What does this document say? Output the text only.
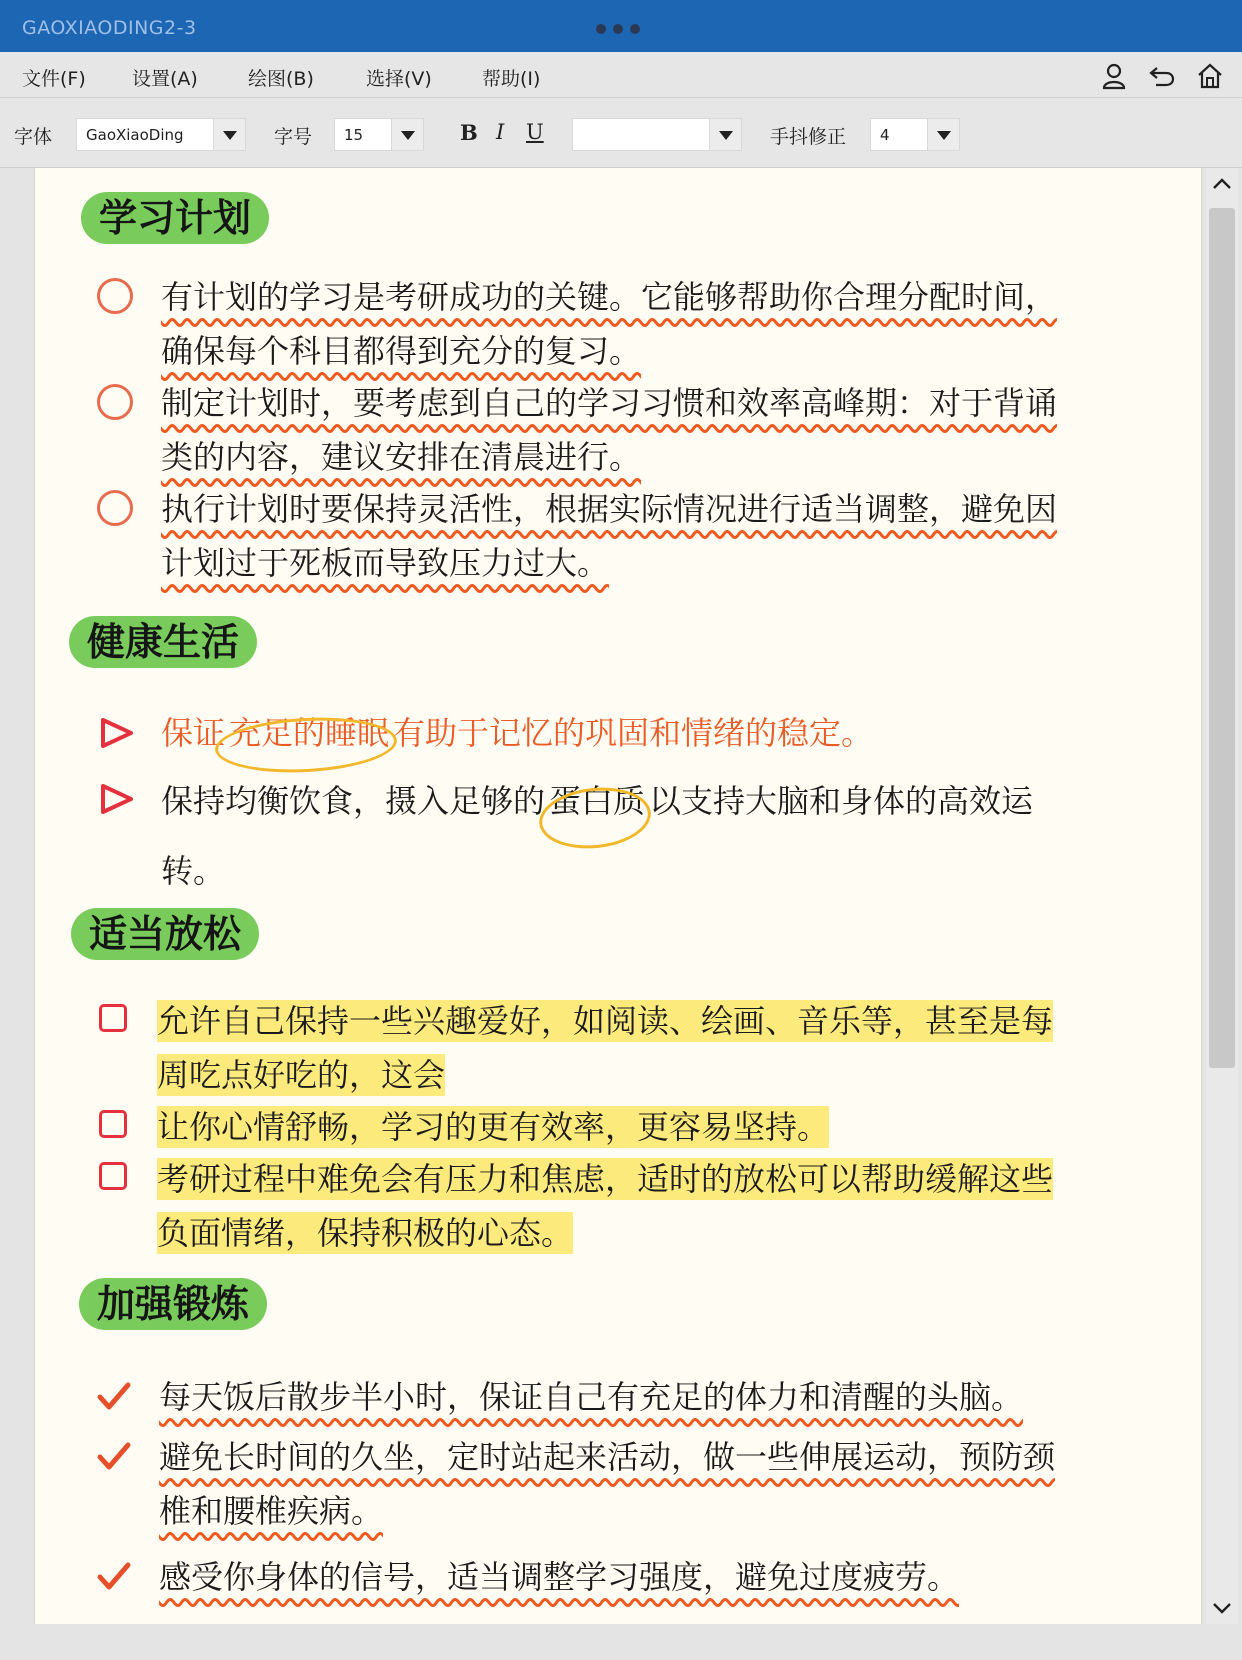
GAOXIAODING2-3
文件(F) 设置(A)	绘图(B)	选择(V)	帮助(I)
字体 GaoXiaoDing	字号 15	B I U	手抖修正 4
学习计划
有计划的学习是考研成功的关键。它能够帮助你合理分配时间，
确保每个科目都得到充分的复习。
制定计划时，要考虑到自己的学习习惯和效率高峰期：对于背诵
类的内容，建议安排在清晨进行。
执行计划时要保持灵活性，根据实际情况进行适当调整，避免因
计划过于死板而导致压力过大。
健康生活
保证 充足的睡眠 有助于记忆的巩固和情绪的稳定。
保持均衡饮食，摄入足够的 蛋白质 以支持大脑和身体的高效运
转。
适当放松
允许自己保持一些兴趣爱好，如阅读、绘画、音乐等，甚至是每
周吃点好吃的，这会
让你心情舒畅，学习的更有效率，更容易坚持。
考研过程中难免会有压力和焦虑，适时的放松可以帮助缓解这些
负面情绪，保持积极的心态。
加强锻炼
每天饭后散步半小时，保证自己有充足的体力和清醒的头脑。
避免长时间的久坐，定时站起来活动，做一些伸展运动，预防颈
椎和腰椎疾病。
感受你身体的信号，适当调整学习强度，避免过度疲劳。
